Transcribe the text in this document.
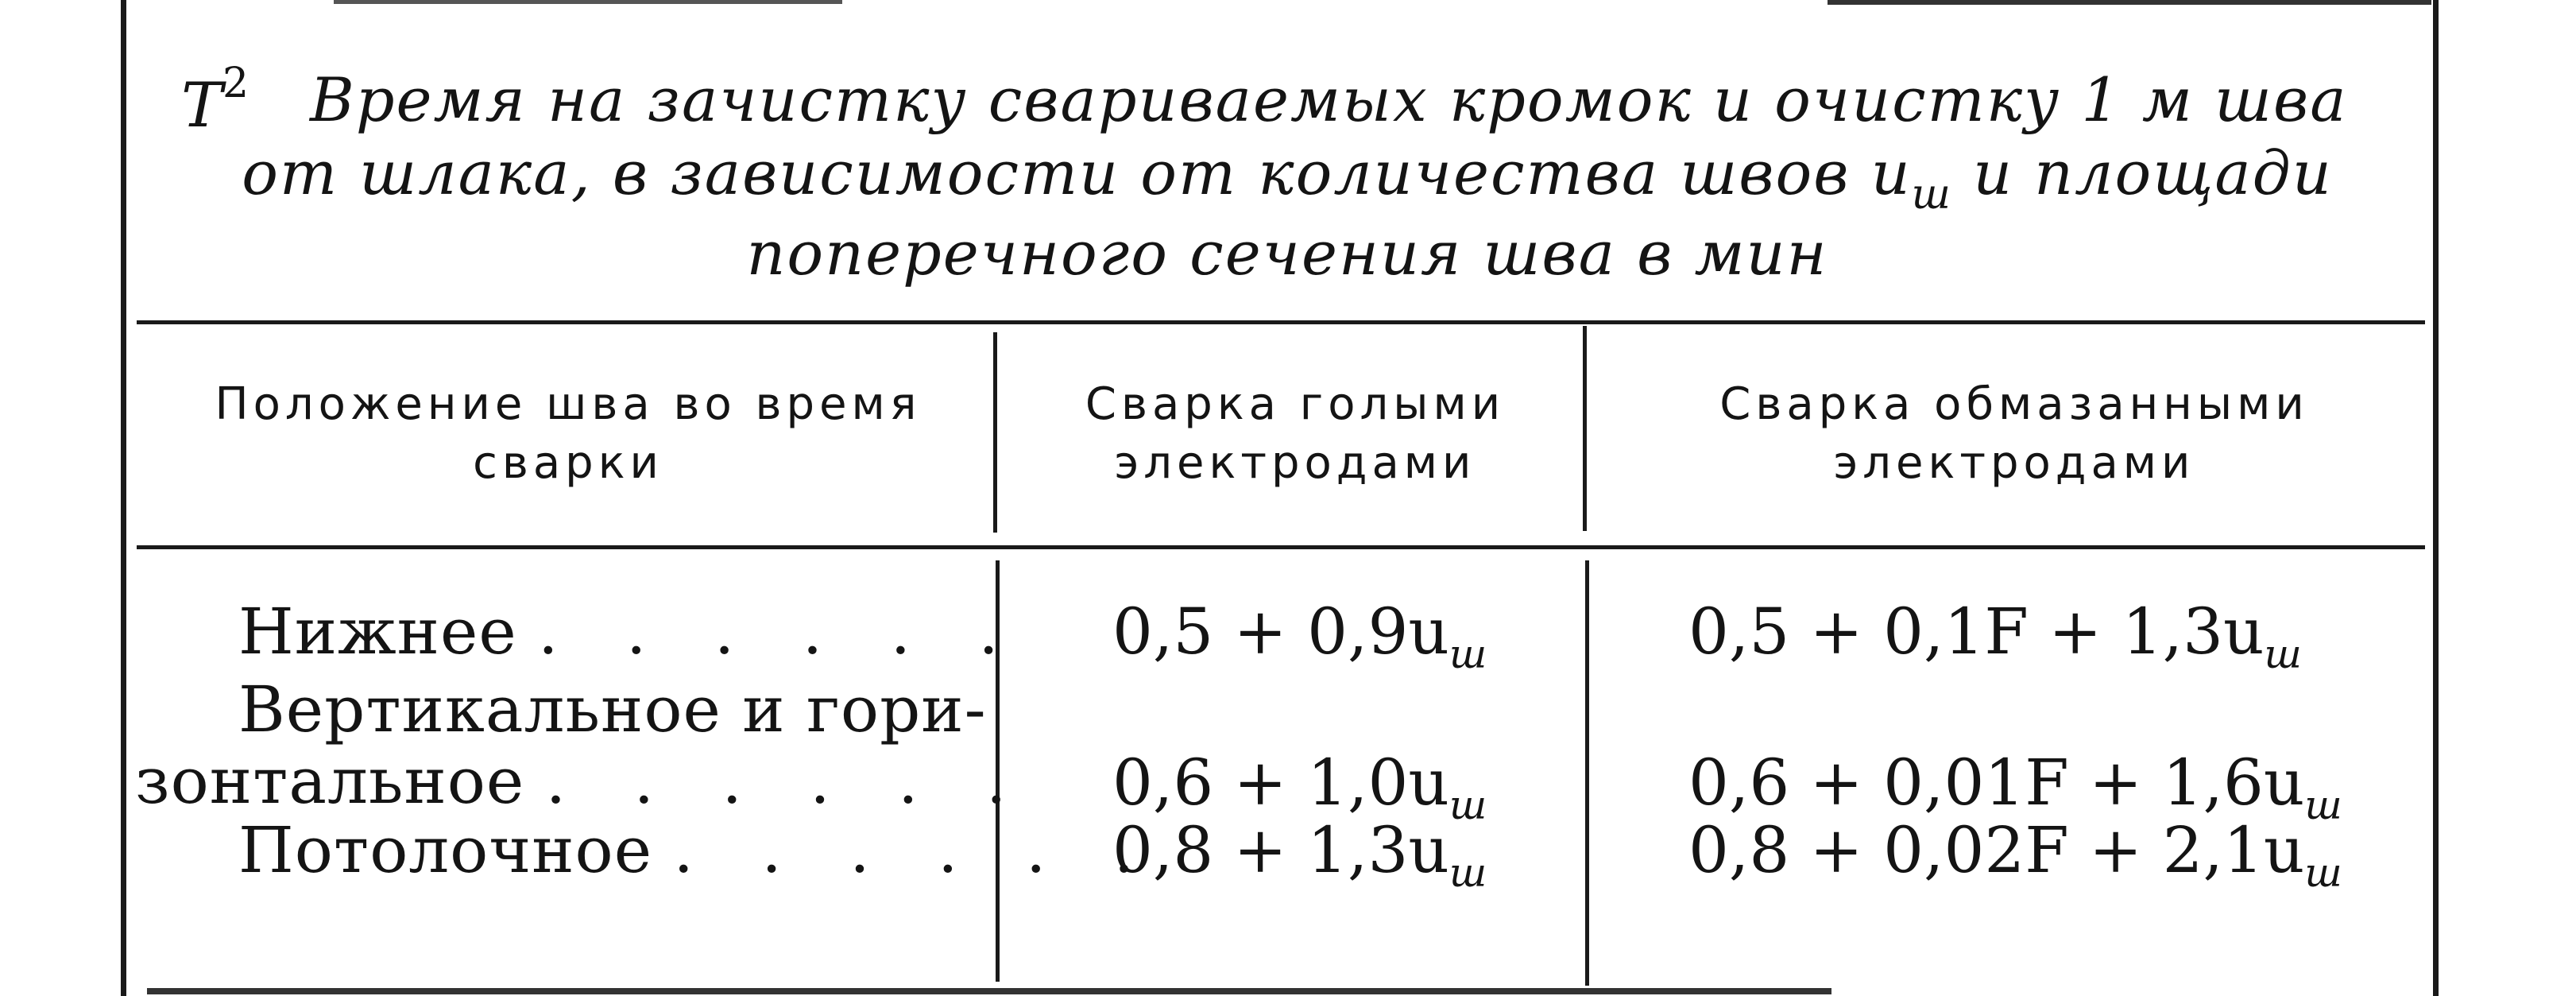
$T^2$	Время на зачистку свариваемых кромок и очистку 1 м шва
от шлака, в зависимости от количества швов $u_ш$ и площади
поперечного сечения шва в мин
Положение шва во время сварки
Сварка голыми электродами
Сварка обмазанными электродами
Нижнее . . . . . .
Вертикальное и гори-
зонтальное . . . . . .
Потолочное . . . . . .
$0,5 + 0,9u_ш$
$0,6 + 1,0u_ш$
$0,8 + 1,3u_ш$
$0,5 + 0,1F + 1,3u_ш$
$0,6 + 0,01F + 1,6u_ш$
$0,8 + 0,02F + 2,1u_ш$
